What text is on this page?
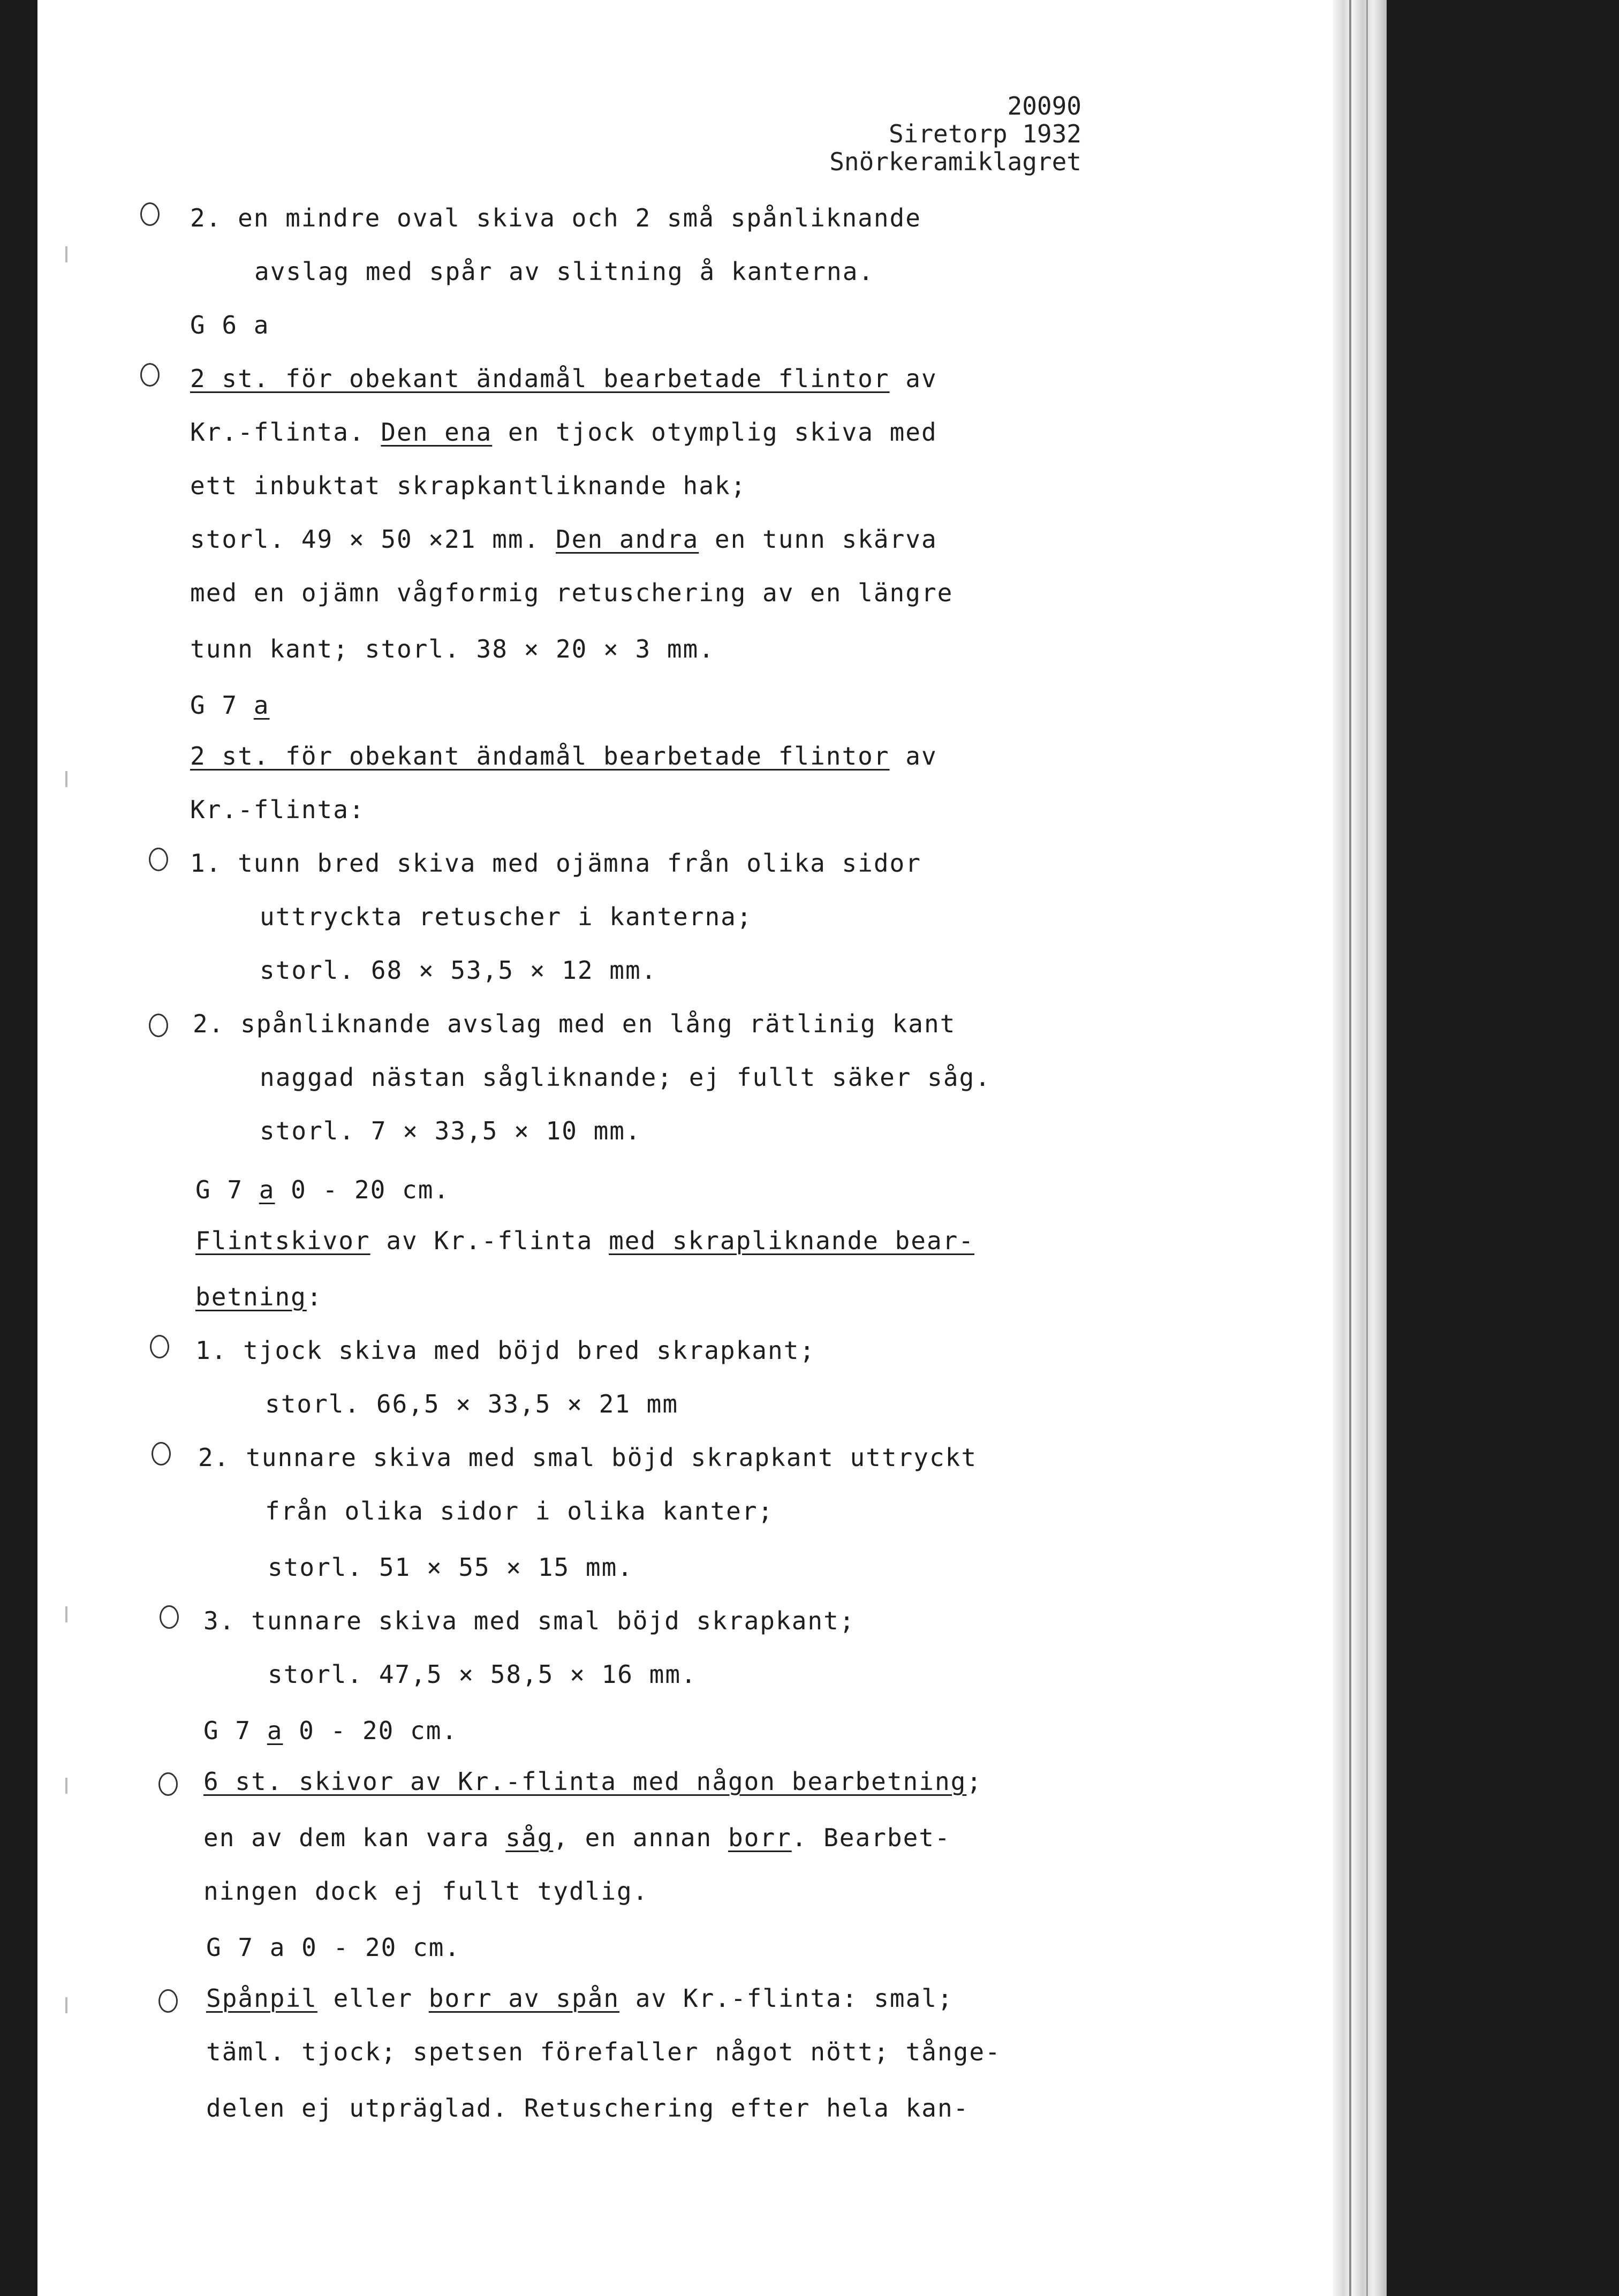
20090
Siretorp 1932
Snörkeramiklagret
2. en mindre oval skiva och 2 små spånliknande
avslag med spår av slitning å kanterna.
G 6 a
2 st. för obekant ändamål bearbetade flintor av
Kr.-flinta. Den ena en tjock otymplig skiva med
ett inbuktat skrapkantliknande hak;
storl. 49 × 50 ×21 mm. Den andra en tunn skärva
med en ojämn vågformig retuschering av en längre
tunn kant; storl. 38 × 20 × 3 mm.
G 7 a
2 st. för obekant ändamål bearbetade flintor av
Kr.-flinta:
1. tunn bred skiva med ojämna från olika sidor
uttryckta retuscher i kanterna;
storl. 68 × 53,5 × 12 mm.
2. spånliknande avslag med en lång rätlinig kant
naggad nästan sågliknande; ej fullt säker såg.
storl. 7 × 33,5 × 10 mm.
G 7 a 0 - 20 cm.
Flintskivor av Kr.-flinta med skrapliknande bear-
betning:
1. tjock skiva med böjd bred skrapkant;
storl. 66,5 × 33,5 × 21 mm
2. tunnare skiva med smal böjd skrapkant uttryckt
från olika sidor i olika kanter;
storl. 51 × 55 × 15 mm.
3. tunnare skiva med smal böjd skrapkant;
storl. 47,5 × 58,5 × 16 mm.
G 7 a 0 - 20 cm.
6 st. skivor av Kr.-flinta med någon bearbetning;
en av dem kan vara såg, en annan borr. Bearbet-
ningen dock ej fullt tydlig.
G 7 a 0 - 20 cm.
Spånpil eller borr av spån av Kr.-flinta: smal;
täml. tjock; spetsen förefaller något nött; tånge-
delen ej utpräglad. Retuschering efter hela kan-
